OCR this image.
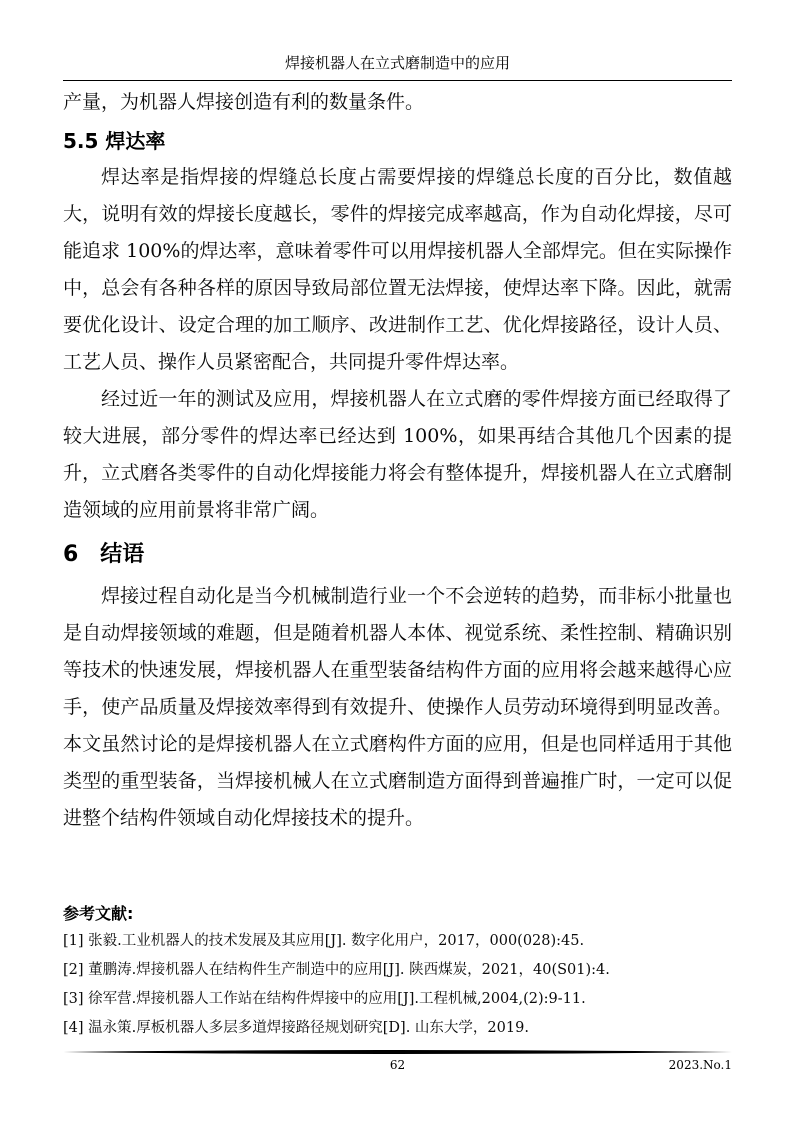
焊接机器人在立式磨制造中的应用

产量，为机器人焊接创造有利的数量条件。

5.5 焊达率

焊达率是指焊接的焊缝总长度占需要焊接的焊缝总长度的百分比，数值越大，说明有效的焊接长度越长，零件的焊接完成率越高，作为自动化焊接，尽可能追求 100%的焊达率，意味着零件可以用焊接机器人全部焊完。但在实际操作中，总会有各种各样的原因导致局部位置无法焊接，使焊达率下降。因此，就需要优化设计、设定合理的加工顺序、改进制作工艺、优化焊接路径，设计人员、工艺人员、操作人员紧密配合，共同提升零件焊达率。

经过近一年的测试及应用，焊接机器人在立式磨的零件焊接方面已经取得了较大进展，部分零件的焊达率已经达到 100%，如果再结合其他几个因素的提升，立式磨各类零件的自动化焊接能力将会有整体提升，焊接机器人在立式磨制造领域的应用前景将非常广阔。

6　结语

焊接过程自动化是当今机械制造行业一个不会逆转的趋势，而非标小批量也是自动焊接领域的难题，但是随着机器人本体、视觉系统、柔性控制、精确识别等技术的快速发展，焊接机器人在重型装备结构件方面的应用将会越来越得心应手，使产品质量及焊接效率得到有效提升、使操作人员劳动环境得到明显改善。本文虽然讨论的是焊接机器人在立式磨构件方面的应用，但是也同样适用于其他类型的重型装备，当焊接机械人在立式磨制造方面得到普遍推广时，一定可以促进整个结构件领域自动化焊接技术的提升。

参考文献:
[1] 张毅.工业机器人的技术发展及其应用[J]. 数字化用户，2017，000(028):45.
[2] 董鹏涛.焊接机器人在结构件生产制造中的应用[J]. 陕西煤炭，2021，40(S01):4.
[3] 徐军营.焊接机器人工作站在结构件焊接中的应用[J].工程机械,2004,(2):9-11.
[4] 温永策.厚板机器人多层多道焊接路径规划研究[D]. 山东大学，2019.
62	2023.No.1
